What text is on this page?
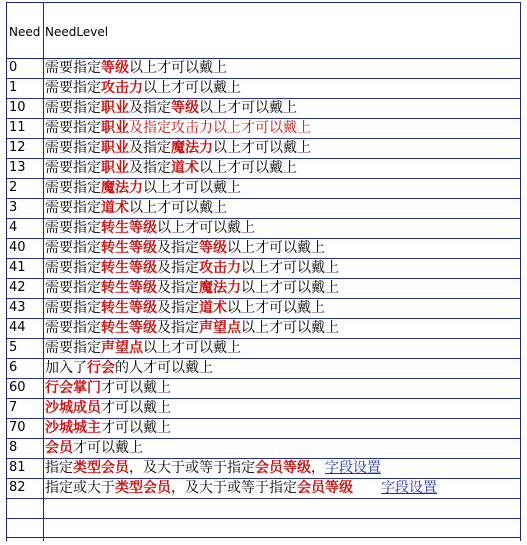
Need NeedLevel
0 需要指定等级以上才可以戴上
1 需要指定攻击力以上才可以戴上
10 需要指定职业及指定等级以上才可以戴上
11 需要指定职业及指定攻击力以上才可以戴上
12 需要指定职业及指定魔法力以上才可以戴上
13 需要指定职业及指定道术以上才可以戴上
2 需要指定魔法力以上才可以戴上
3 需要指定道术以上才可以戴上
4 需要指定转生等级以上才可以戴上
40 需要指定转生等级及指定等级以上才可以戴上
41 需要指定转生等级及指定攻击力以上才可以戴上
42 需要指定转生等级及指定魔法力以上才可以戴上
43 需要指定转生等级及指定道术以上才可以戴上
44 需要指定转生等级及指定声望点以上才可以戴上
5 需要指定声望点以上才可以戴上
6 加入了行会的人才可以戴上
60 行会掌门才可以戴上
7 沙城成员才可以戴上
70 沙城城主才可以戴上
8 会员才可以戴上
81 指定类型会员，及大于或等于指定会员等级，字段设置
82 指定或大于类型会员，及大于或等于指定会员等级　　 字段设置
